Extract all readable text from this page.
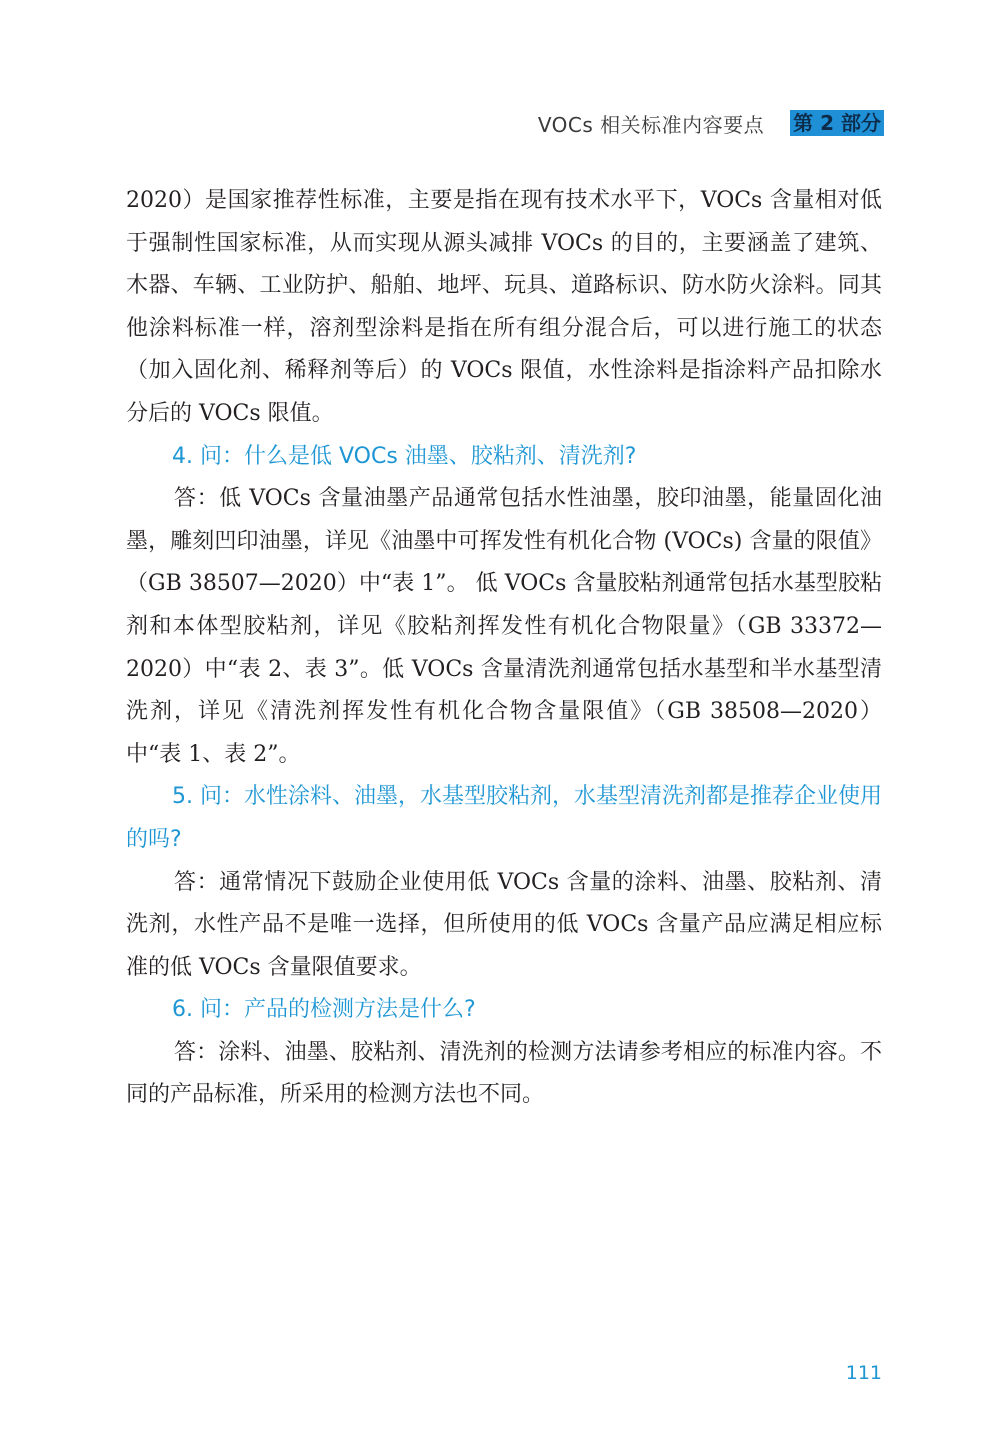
VOCs 相关标准内容要点 第 2 部分

2020）是国家推荐性标准，主要是指在现有技术水平下，VOCs 含量相对低于强制性国家标准，从而实现从源头减排 VOCs 的目的，主要涵盖了建筑、木器、车辆、工业防护、船舶、地坪、玩具、道路标识、防水防火涂料。同其他涂料标准一样，溶剂型涂料是指在所有组分混合后，可以进行施工的状态（加入固化剂、稀释剂等后）的 VOCs 限值，水性涂料是指涂料产品扣除水分后的 VOCs 限值。

4. 问：什么是低 VOCs 油墨、胶粘剂、清洗剂?

答：低 VOCs 含量油墨产品通常包括水性油墨，胶印油墨，能量固化油墨，雕刻凹印油墨，详见《油墨中可挥发性有机化合物 (VOCs) 含量的限值》（GB 38507—2020）中“表 1”。 低 VOCs 含量胶粘剂通常包括水基型胶粘剂和本体型胶粘剂，详见《胶粘剂挥发性有机化合物限量》（GB 33372—2020）中“表 2、表 3”。低 VOCs 含量清洗剂通常包括水基型和半水基型清洗剂，详见《清洗剂挥发性有机化合物含量限值》（GB 38508—2020）中“表 1、表 2”。

5. 问：水性涂料、油墨，水基型胶粘剂，水基型清洗剂都是推荐企业使用的吗?

答：通常情况下鼓励企业使用低 VOCs 含量的涂料、油墨、胶粘剂、清洗剂，水性产品不是唯一选择，但所使用的低 VOCs 含量产品应满足相应标准的低 VOCs 含量限值要求。

6. 问：产品的检测方法是什么?

答：涂料、油墨、胶粘剂、清洗剂的检测方法请参考相应的标准内容。不同的产品标准，所采用的检测方法也不同。

111
